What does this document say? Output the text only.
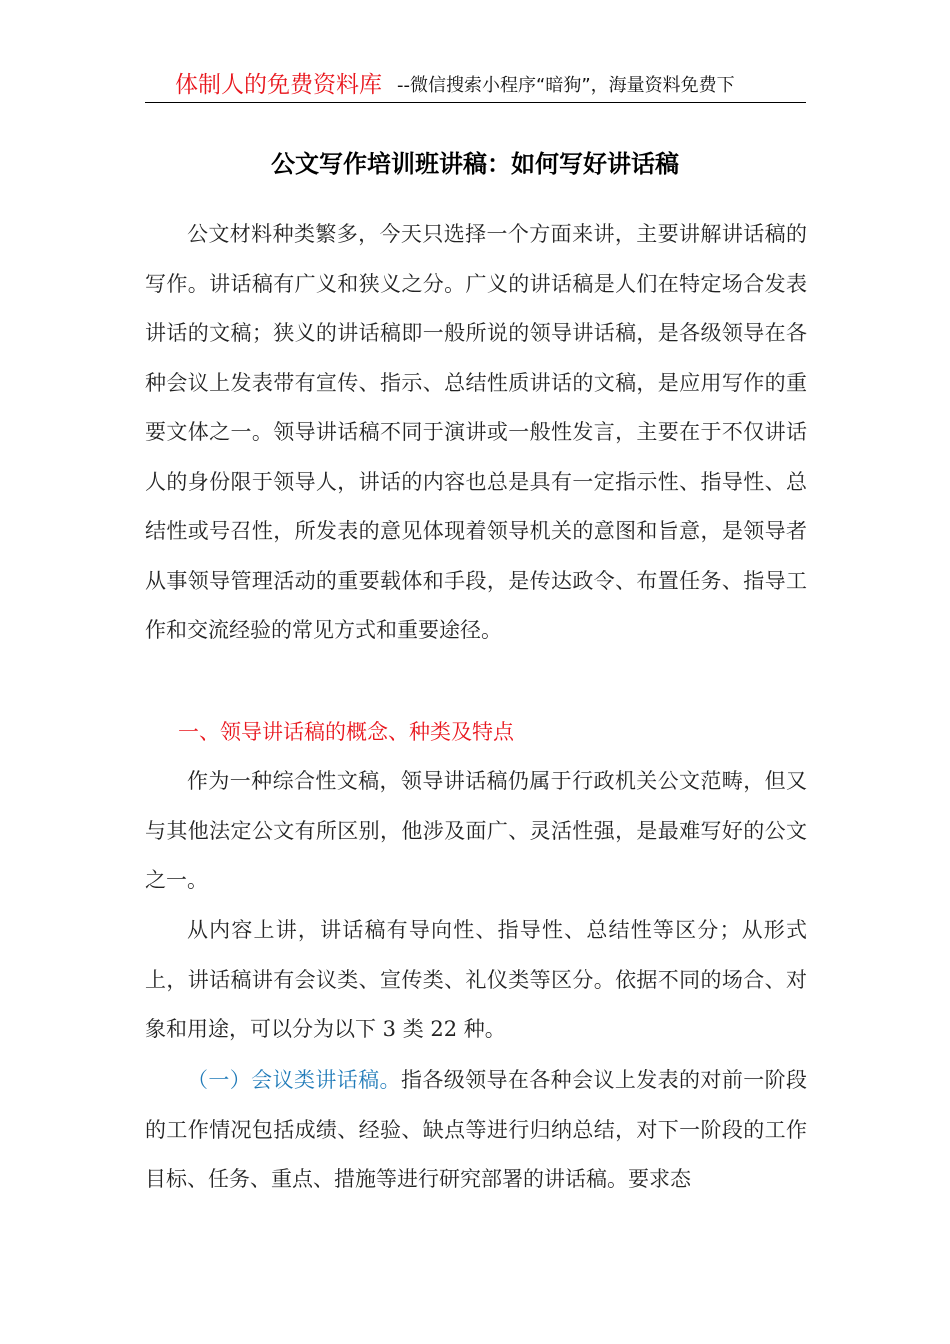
体制人的免费资料库 --微信搜索小程序“暗狗”，海量资料免费下
公文写作培训班讲稿：如何写好讲话稿

公文材料种类繁多，今天只选择一个方面来讲，主要讲解讲话稿的写作。讲话稿有广义和狭义之分。广义的讲话稿是人们在特定场合发表讲话的文稿；狭义的讲话稿即一般所说的领导讲话稿，是各级领导在各种会议上发表带有宣传、指示、总结性质讲话的文稿，是应用写作的重要文体之一。领导讲话稿不同于演讲或一般性发言，主要在于不仅讲话人的身份限于领导人，讲话的内容也总是具有一定指示性、指导性、总结性或号召性，所发表的意见体现着领导机关的意图和旨意，是领导者从事领导管理活动的重要载体和手段，是传达政令、布置任务、指导工作和交流经验的常见方式和重要途径。

一、领导讲话稿的概念、种类及特点

作为一种综合性文稿，领导讲话稿仍属于行政机关公文范畴，但又与其他法定公文有所区别，他涉及面广、灵活性强，是最难写好的公文之一。

从内容上讲，讲话稿有导向性、指导性、总结性等区分；从形式上，讲话稿讲有会议类、宣传类、礼仪类等区分。依据不同的场合、对象和用途，可以分为以下 3 类 22 种。

（一）会议类讲话稿。指各级领导在各种会议上发表的对前一阶段的工作情况包括成绩、经验、缺点等进行归纳总结，对下一阶段的工作目标、任务、重点、措施等进行研究部署的讲话稿。要求态
